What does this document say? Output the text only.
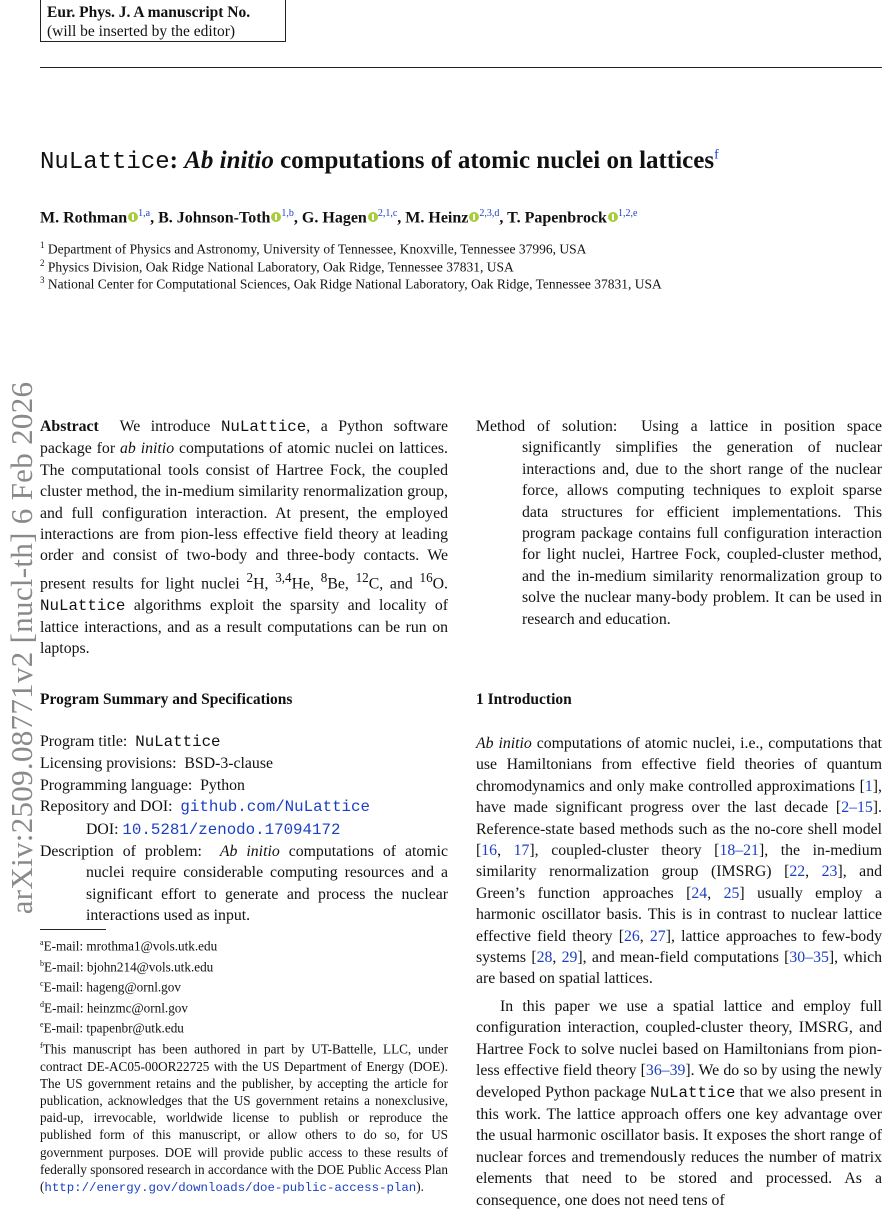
Eur. Phys. J. A manuscript No.
(will be inserted by the editor)
arXiv:2509.08771v2 [nucl-th] 6 Feb 2026
NuLattice: Ab initio computations of atomic nuclei on lattices$^f$
M. Rothman $^{1,a}$, B. Johnson-Toth $^{1,b}$, G. Hagen $^{2,1,c}$, M. Heinz $^{2,3,d}$, T. Papenbrock $^{1,2,e}$
$^1$ Department of Physics and Astronomy, University of Tennessee, Knoxville, Tennessee 37996, USA
$^2$ Physics Division, Oak Ridge National Laboratory, Oak Ridge, Tennessee 37831, USA
$^3$ National Center for Computational Sciences, Oak Ridge National Laboratory, Oak Ridge, Tennessee 37831, USA

Abstract We introduce NuLattice, a Python software package for ab initio computations of atomic nuclei on lattices. The computational tools consist of Hartree Fock, the coupled cluster method, the in-medium similarity renormalization group, and full configuration interaction. At present, the employed interactions are from pion-less effective field theory at leading order and consist of two-body and three-body contacts. We present results for light nuclei $^2$H, $^{3,4}$He, $^8$Be, $^{12}$C, and $^{16}$O. NuLattice algorithms exploit the sparsity and locality of lattice interactions, and as a result computations can be run on laptops.

Method of solution: Using a lattice in position space significantly simplifies the generation of nuclear interactions and, due to the short range of the nuclear force, allows computing techniques to exploit sparse data structures for efficient implementations. This program package contains full configuration interaction for light nuclei, Hartree Fock, coupled-cluster method, and the in-medium similarity renormalization group to solve the nuclear many-body problem. It can be used in research and education.
Program Summary and Specifications
Program title: NuLattice
Licensing provisions: BSD-3-clause
Programming language: Python
Repository and DOI: github.com/NuLattice
DOI: 10.5281/zenodo.17094172
Description of problem: Ab initio computations of atomic nuclei require considerable computing resources and a significant effort to generate and process the nuclear interactions used as input.
$^a$E-mail: mrothma1@vols.utk.edu
$^b$E-mail: bjohn214@vols.utk.edu
$^c$E-mail: hageng@ornl.gov
$^d$E-mail: heinzmc@ornl.gov
$^e$E-mail: tpapenbr@utk.edu
$^f$This manuscript has been authored in part by UT-Battelle, LLC, under contract DE-AC05-00OR22725 with the US Department of Energy (DOE). The US government retains and the publisher, by accepting the article for publication, acknowledges that the US government retains a nonexclusive, paid-up, irrevocable, worldwide license to publish or reproduce the published form of this manuscript, or allow others to do so, for US government purposes. DOE will provide public access to these results of federally sponsored research in accordance with the DOE Public Access Plan (http://energy.gov/downloads/doe-public-access-plan).
1 Introduction

Ab initio computations of atomic nuclei, i.e., computations that use Hamiltonians from effective field theories of quantum chromodynamics and only make controlled approximations [1], have made significant progress over the last decade [2–15]. Reference-state based methods such as the no-core shell model [16, 17], coupled-cluster theory [18–21], the in-medium similarity renormalization group (IMSRG) [22, 23], and Green’s function approaches [24, 25] usually employ a harmonic oscillator basis. This is in contrast to nuclear lattice effective field theory [26, 27], lattice approaches to few-body systems [28, 29], and mean-field computations [30–35], which are based on spatial lattices.

In this paper we use a spatial lattice and employ full configuration interaction, coupled-cluster theory, IMSRG, and Hartree Fock to solve nuclei based on Hamiltonians from pion-less effective field theory [36–39]. We do so by using the newly developed Python package NuLattice that we also present in this work. The lattice approach offers one key advantage over the usual harmonic oscillator basis. It exposes the short range of nuclear forces and tremendously reduces the number of matrix elements that need to be stored and processed. As a consequence, one does not need tens of
